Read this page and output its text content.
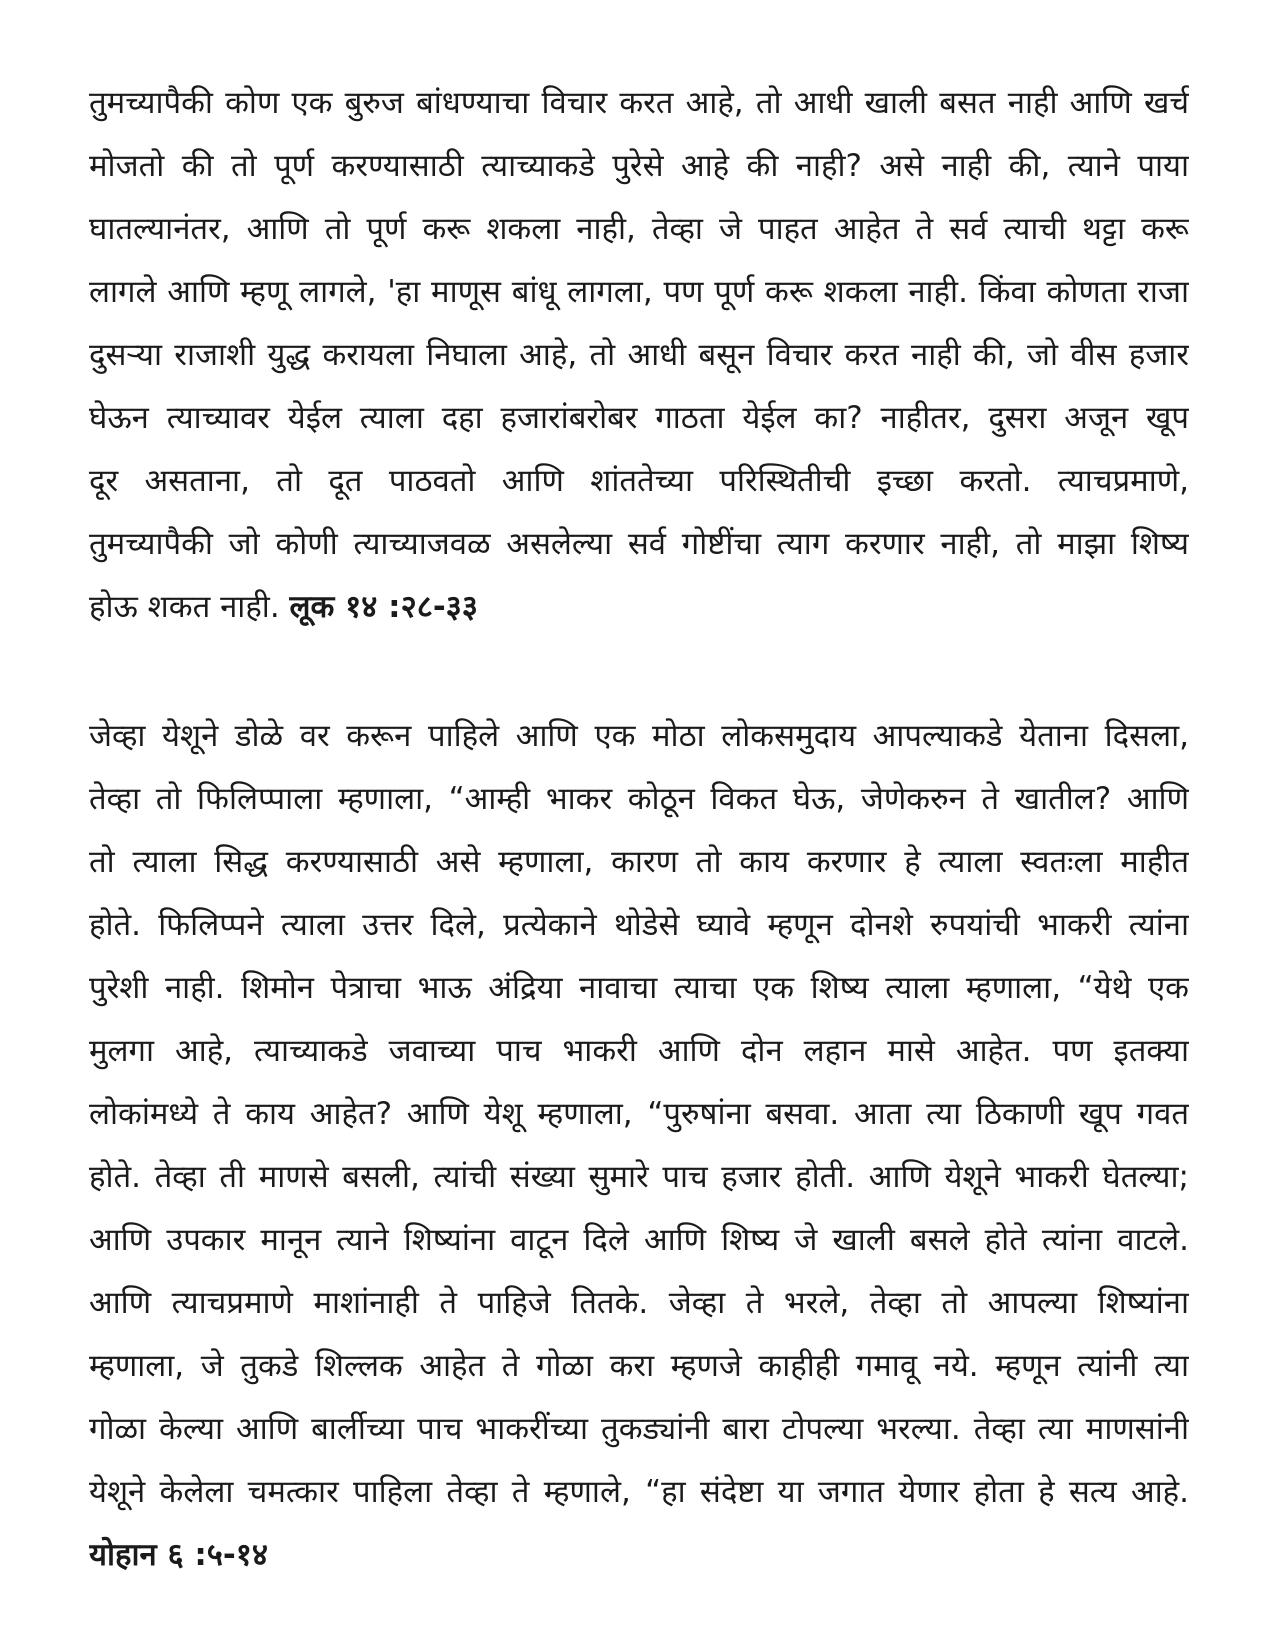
तुमच्यापैकी कोण एक बुरुज बांधण्याचा विचार करत आहे, तो आधी खाली बसत नाही आणि खर्च
मोजतो की तो पूर्ण करण्यासाठी त्याच्याकडे पुरेसे आहे की नाही? असे नाही की, त्याने पाया
घातल्यानंतर, आणि तो पूर्ण करू शकला नाही, तेव्हा जे पाहत आहेत ते सर्व त्याची थट्टा करू
लागले आणि म्हणू लागले, 'हा माणूस बांधू लागला, पण पूर्ण करू शकला नाही. किंवा कोणता राजा
दुसऱ्या राजाशी युद्ध करायला निघाला आहे, तो आधी बसून विचार करत नाही की, जो वीस हजार
घेऊन त्याच्यावर येईल त्याला दहा हजारांबरोबर गाठता येईल का? नाहीतर, दुसरा अजून खूप
दूर असताना, तो दूत पाठवतो आणि शांततेच्या परिस्थितीची इच्छा करतो. त्याचप्रमाणे,
तुमच्यापैकी जो कोणी त्याच्याजवळ असलेल्या सर्व गोष्टींचा त्याग करणार नाही, तो माझा शिष्य
होऊ शकत नाही. लूक १४ :२८-३३
जेव्हा येशूने डोळे वर करून पाहिले आणि एक मोठा लोकसमुदाय आपल्याकडे येताना दिसला,
तेव्हा तो फिलिप्पाला म्हणाला, “आम्ही भाकर कोठून विकत घेऊ, जेणेकरुन ते खातील? आणि
तो त्याला सिद्ध करण्यासाठी असे म्हणाला, कारण तो काय करणार हे त्याला स्वतःला माहीत
होते. फिलिप्पने त्याला उत्तर दिले, प्रत्येकाने थोडेसे घ्यावे म्हणून दोनशे रुपयांची भाकरी त्यांना
पुरेशी नाही. शिमोन पेत्राचा भाऊ अंद्रिया नावाचा त्याचा एक शिष्य त्याला म्हणाला, “येथे एक
मुलगा आहे, त्याच्याकडे जवाच्या पाच भाकरी आणि दोन लहान मासे आहेत. पण इतक्या
लोकांमध्ये ते काय आहेत? आणि येशू म्हणाला, “पुरुषांना बसवा. आता त्या ठिकाणी खूप गवत
होते. तेव्हा ती माणसे बसली, त्यांची संख्या सुमारे पाच हजार होती. आणि येशूने भाकरी घेतल्या;
आणि उपकार मानून त्याने शिष्यांना वाटून दिले आणि शिष्य जे खाली बसले होते त्यांना वाटले.
आणि त्याचप्रमाणे माशांनाही ते पाहिजे तितके. जेव्हा ते भरले, तेव्हा तो आपल्या शिष्यांना
म्हणाला, जे तुकडे शिल्लक आहेत ते गोळा करा म्हणजे काहीही गमावू नये. म्हणून त्यांनी त्या
गोळा केल्या आणि बार्लीच्या पाच भाकरींच्या तुकड्यांनी बारा टोपल्या भरल्या. तेव्हा त्या माणसांनी
येशूने केलेला चमत्कार पाहिला तेव्हा ते म्हणाले, “हा संदेष्टा या जगात येणार होता हे सत्य आहे.
योहान ६ :५-१४
